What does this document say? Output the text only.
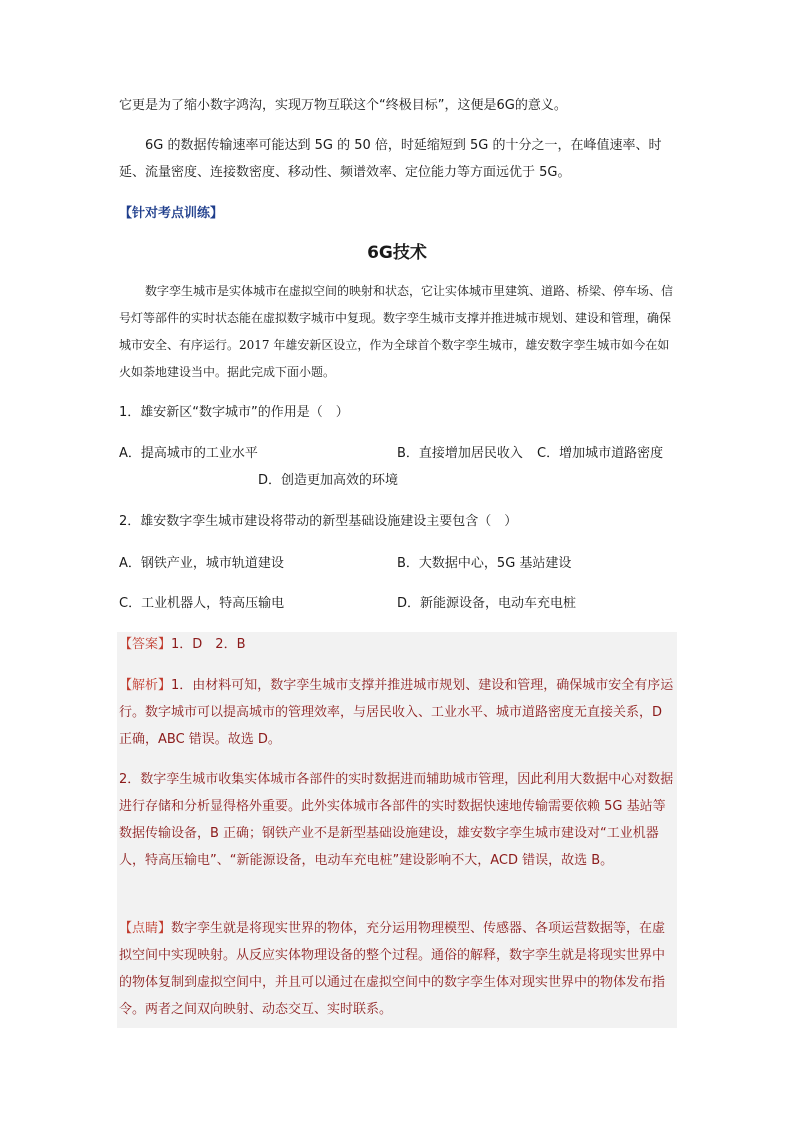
它更是为了缩小数字鸿沟，实现万物互联这个“终极目标”，这便是6G的意义。

6G 的数据传输速率可能达到 5G 的 50 倍，时延缩短到 5G 的十分之一，在峰值速率、时延、流量密度、连接数密度、移动性、频谱效率、定位能力等方面远优于 5G。

【针对考点训练】
6G技术

数字孪生城市是实体城市在虚拟空间的映射和状态，它让实体城市里建筑、道路、桥梁、停车场、信号灯等部件的实时状态能在虚拟数字城市中复现。数字孪生城市支撑并推进城市规划、建设和管理，确保城市安全、有序运行。2017 年雄安新区设立，作为全球首个数字孪生城市，雄安数字孪生城市如今在如火如荼地建设当中。据此完成下面小题。

1．雄安新区“数字城市”的作用是（　）
A．提高城市的工业水平	B．直接增加居民收入 C．增加城市道路密度
D．创造更加高效的环境
2．雄安数字孪生城市建设将带动的新型基础设施建设主要包含（　）
A．钢铁产业，城市轨道建设	B．大数据中心，5G 基站建设
C．工业机器人，特高压输电	D．新能源设备，电动车充电桩

【答案】1．D　2．B

【解析】1．由材料可知，数字孪生城市支撑并推进城市规划、建设和管理，确保城市安全有序运行。数字城市可以提高城市的管理效率，与居民收入、工业水平、城市道路密度无直接关系，D 正确，ABC 错误。故选 D。

2．数字孪生城市收集实体城市各部件的实时数据进而辅助城市管理，因此利用大数据中心对数据进行存储和分析显得格外重要。此外实体城市各部件的实时数据快速地传输需要依赖 5G 基站等数据传输设备，B 正确；钢铁产业不是新型基础设施建设，雄安数字孪生城市建设对“工业机器人，特高压输电”、“新能源设备，电动车充电桩”建设影响不大，ACD 错误，故选 B。

【点睛】数字孪生就是将现实世界的物体，充分运用物理模型、传感器、各项运营数据等，在虚拟空间中实现映射。从反应实体物理设备的整个过程。通俗的解释，数字孪生就是将现实世界中的物体复制到虚拟空间中，并且可以通过在虚拟空间中的数字孪生体对现实世界中的物体发布指令。两者之间双向映射、动态交互、实时联系。
